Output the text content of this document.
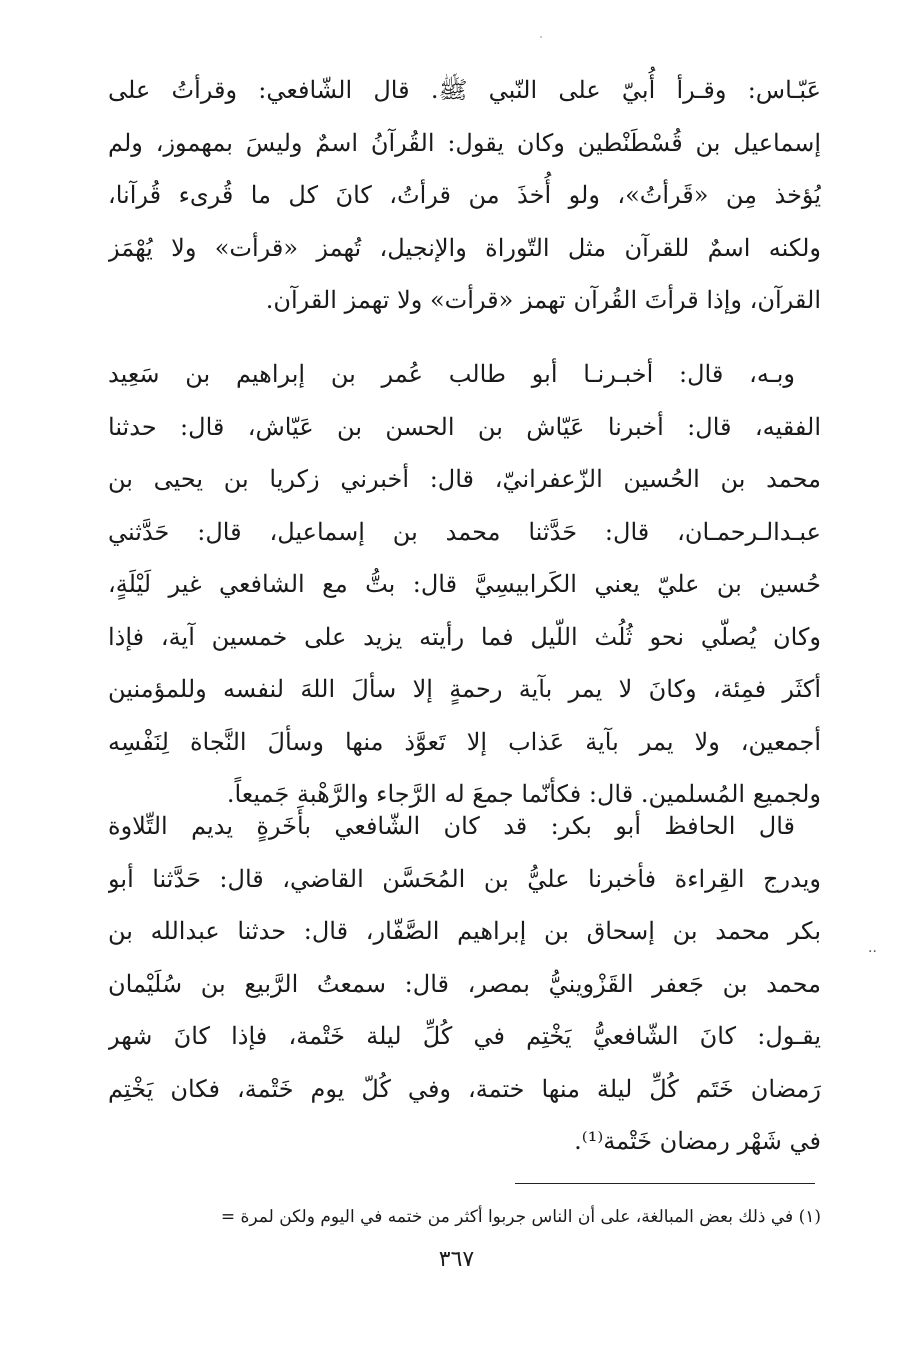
عَبّـاس: وقـرأ أُبيّ على النّبي ﷺ. قال الشّافعي: وقرأتُ على
إسماعيل بن قُسْطَنْطين وكان يقول: القُرآنُ اسمٌ وليسَ بمهموز، ولم
يُؤخذ مِن «قَرأتُ»، ولو أُخذَ من قرأتُ، كانَ كل ما قُرىء قُرآنا،
ولكنه اسمٌ للقرآن مثل التّوراة والإنجيل، تُهمز «قرأت» ولا يُهْمَز
القرآن، وإذا قرأتَ القُرآن تهمز «قرأت» ولا تهمز القرآن.
وبـه، قال: أخبـرنـا أبو طالب عُمر بن إبراهيم بن سَعِيد
الفقيه، قال: أخبرنا عَيّاش بن الحسن بن عَيّاش، قال: حدثنا
محمد بن الحُسين الزّعفرانيّ، قال: أخبرني زكريا بن يحيى بن
عبـدالـرحمـان، قال: حَدَّثنا محمد بن إسماعيل، قال: حَدَّثني
حُسين بن عليّ يعني الكَرابيسِيَّ قال: بتُّ مع الشافعي غير لَيْلَةٍ،
وكان يُصلّي نحو ثُلُث اللّيل فما رأيته يزيد على خمسين آية، فإذا
أكثَر فمِئة، وكانَ لا يمر بآية رحمةٍ إلا سألَ اللهَ لنفسه وللمؤمنين
أجمعين، ولا يمر بآية عَذاب إلا تَعوَّذ منها وسألَ النَّجاة لِنَفْسِه
ولجميع المُسلمين. قال: فكأنّما جمعَ له الرَّجاء والرَّهْبة جَميعاً.
قال الحافظ أبو بكر: قد كان الشّافعي بأَخَرةٍ يديم التِّلاوة
ويدرج القِراءة فأخبرنا عليُّ بن المُحَسَّن القاضي، قال: حَدَّثنا أبو
بكر محمد بن إسحاق بن إبراهيم الصَّفّار، قال: حدثنا عبدالله بن
محمد بن جَعفر القَزْوينيُّ بمصر، قال: سمعتُ الرَّبيع بن سُلَيْمان
يقـول: كانَ الشّافعيُّ يَخْتِم في كُلِّ ليلة خَتْمة، فإذا كانَ شهر
رَمضان خَتَم كُلِّ ليلة منها ختمة، وفي كُلّ يوم خَتْمة، فكان يَخْتِم
في شَهْر رمضان خَتْمة⁽¹⁾.
··
(١) في ذلك بعض المبالغة، على أن الناس جربوا أكثر من ختمه في اليوم ولكن لمرة =
٣٦٧
